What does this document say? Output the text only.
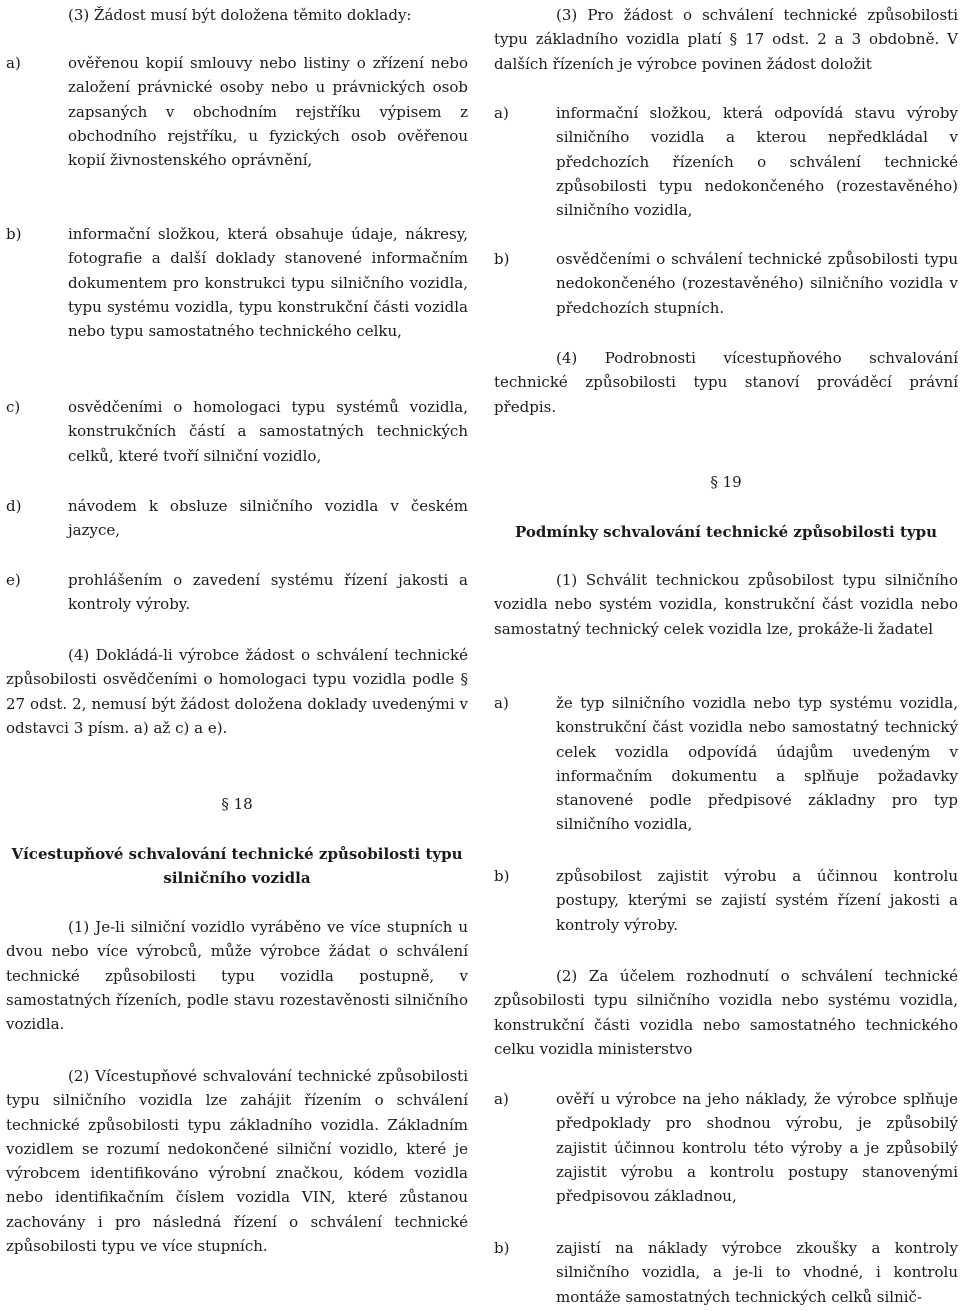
(3) Žádost musí být doložena těmito doklady:

a)	ověřenou kopií smlouvy nebo listiny o zřízení nebo založení právnické osoby nebo u právnických osob zapsaných v obchodním rejstříku výpisem z obchodního rejstříku, u fyzických osob ověřenou kopií živnostenského oprávnění,
b)	informační složkou, která obsahuje údaje, nákresy, fotografie a další doklady stanovené informačním dokumentem pro konstrukci typu silničního vozidla, typu systému vozidla, typu konstrukční části vozidla nebo typu samostatného technického celku,
c)	osvědčeními o homologaci typu systémů vozidla, konstrukčních částí a samostatných technických celků, které tvoří silniční vozidlo,
d)	návodem k obsluze silničního vozidla v českém jazyce,
e)	prohlášením o zavedení systému řízení jakosti a kontroly výroby.

(4) Dokládá-li výrobce žádost o schválení technické způsobilosti osvědčeními o homologaci typu vozidla podle § 27 odst. 2, nemusí být žádost doložena doklady uvedenými v odstavci 3 písm. a) až c) a e).

§ 18

Vícestupňové schvalování technické způsobilosti typu silničního vozidla

(1) Je-li silniční vozidlo vyráběno ve více stupních u dvou nebo více výrobců, může výrobce žádat o schválení technické způsobilosti typu vozidla postupně, v samostatných řízeních, podle stavu rozestavěnosti silničního vozidla.

(2) Vícestupňové schvalování technické způsobilosti typu silničního vozidla lze zahájit řízením o schválení technické způsobilosti typu základního vozidla. Základním vozidlem se rozumí nedokončené silniční vozidlo, které je výrobcem identifikováno výrobní značkou, kódem vozidla nebo identifikačním číslem vozidla VIN, které zůstanou zachovány i pro následná řízení o schválení technické způsobilosti typu ve více stupních.

(3) Pro žádost o schválení technické způsobilosti typu základního vozidla platí § 17 odst. 2 a 3 obdobně. V dalších řízeních je výrobce povinen žádost doložit

a)	informační složkou, která odpovídá stavu výroby silničního vozidla a kterou nepředkládal v předchozích řízeních o schválení technické způsobilosti typu nedokončeného (rozestavěného) silničního vozidla,
b)	osvědčeními o schválení technické způsobilosti typu nedokončeného (rozestavěného) silničního vozidla v předchozích stupních.

(4) Podrobnosti vícestupňového schvalování technické způsobilosti typu stanoví prováděcí právní předpis.

§ 19

Podmínky schvalování technické způsobilosti typu

(1) Schválit technickou způsobilost typu silničního vozidla nebo systém vozidla, konstrukční část vozidla nebo samostatný technický celek vozidla lze, prokáže-li žadatel

a)	že typ silničního vozidla nebo typ systému vozidla, konstrukční část vozidla nebo samostatný technický celek vozidla odpovídá údajům uvedeným v informačním dokumentu a splňuje požadavky stanovené podle předpisové základny pro typ silničního vozidla,
b)	způsobilost zajistit výrobu a účinnou kontrolu postupy, kterými se zajistí systém řízení jakosti a kontroly výroby.

(2) Za účelem rozhodnutí o schválení technické způsobilosti typu silničního vozidla nebo systému vozidla, konstrukční části vozidla nebo samostatného technického celku vozidla ministerstvo

a)	ověří u výrobce na jeho náklady, že výrobce splňuje předpoklady pro shodnou výrobu, je způsobilý zajistit účinnou kontrolu této výroby a je způsobilý zajistit výrobu a kontrolu postupy stanovenými předpisovou základnou,
b)	zajistí na náklady výrobce zkoušky a kontroly silničního vozidla, a je-li to vhodné, i kontrolu montáže samostatných technických celků silnič-
